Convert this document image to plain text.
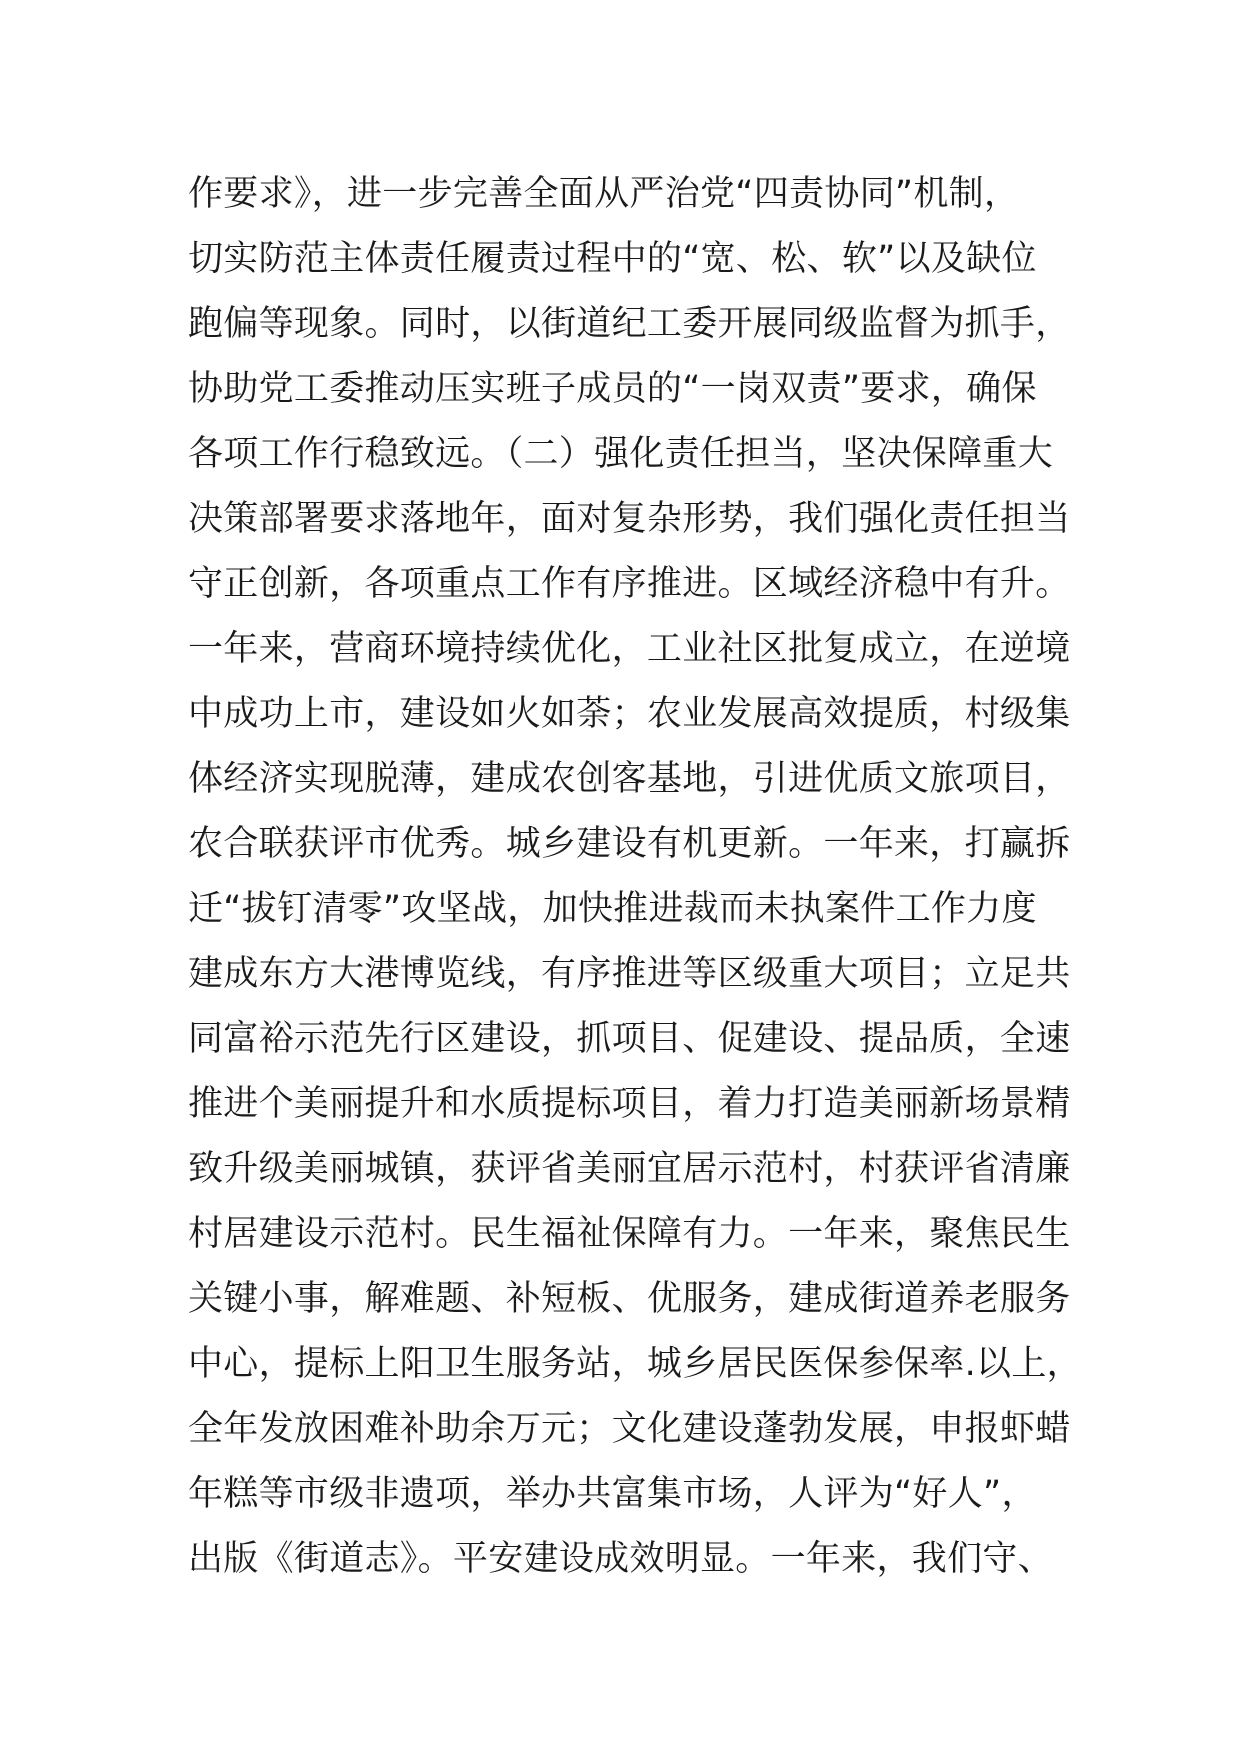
作要求》，进一步完善全面从严治党“四责协同”机制，
切实防范主体责任履责过程中的“宽、松、软”以及缺位
跑偏等现象。同时，以街道纪工委开展同级监督为抓手，
协助党工委推动压实班子成员的“一岗双责”要求，确保
各项工作行稳致远。（二）强化责任担当，坚决保障重大
决策部署要求落地年，面对复杂形势，我们强化责任担当
守正创新，各项重点工作有序推进。区域经济稳中有升。
一年来，营商环境持续优化，工业社区批复成立，在逆境
中成功上市，建设如火如荼；农业发展高效提质，村级集
体经济实现脱薄，建成农创客基地，引进优质文旅项目，
农合联获评市优秀。城乡建设有机更新。一年来，打赢拆
迁“拔钉清零”攻坚战，加快推进裁而未执案件工作力度
建成东方大港博览线，有序推进等区级重大项目；立足共
同富裕示范先行区建设，抓项目、促建设、提品质，全速
推进个美丽提升和水质提标项目，着力打造美丽新场景精
致升级美丽城镇，获评省美丽宜居示范村，村获评省清廉
村居建设示范村。民生福祉保障有力。一年来，聚焦民生
关键小事，解难题、补短板、优服务，建成街道养老服务
中心，提标上阳卫生服务站，城乡居民医保参保率.以上，
全年发放困难补助余万元；文化建设蓬勃发展，申报虾蜡
年糕等市级非遗项，举办共富集市场，人评为“好人”，
出版《街道志》。平安建设成效明显。一年来，我们守、
